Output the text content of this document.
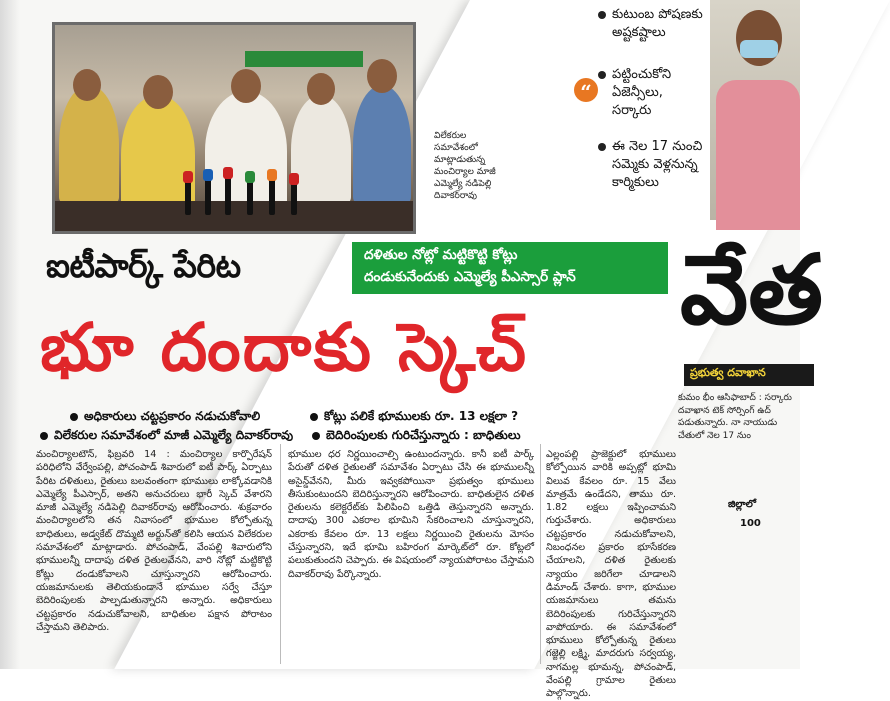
విలేకరుల
సమావేశంలో
మాట్లాడుతున్న
మంచిర్యాల మాజీ
ఎమ్మెల్యే నడిపెల్లి
దివాకర్‌రావు
“
కుటుంబ పోషణకు అష్టకష్టాలు
పట్టించుకోని ఏజెన్సీలు, సర్కారు
ఈ నెల 17 నుంచి సమ్మెకు వెళ్లనున్న కార్మికులు
వేత
ప్రభుత్వ దవాఖాన
కుమం భీం ఆసిఫాబాద్ : సర్కారు దవాఖాన టెక్ సోర్సింగ్ ఉద్ పడుతున్నారు. నా నాయుడు చేతులో నెల 17 నుం
జిల్లాలో
100
ఐటీపార్క్ పేరిట	దళితుల నోట్లో మట్టికొట్టి కోట్లు
దండుకునేందుకు ఎమ్మెల్యే పీఎస్సార్ ప్లాన్
భూ దందాకు స్కెచ్
అధికారులు చట్టప్రకారం నడుచుకోవాలి	కోట్లు పలికే భూములకు రూ. 13 లక్షలా ?
విలేకరుల సమావేశంలో మాజీ ఎమ్మెల్యే దివాకర్‌రావు	బెదిరింపులకు గురిచేస్తున్నారు : బాధితులు
మంచిర్యాలటౌన్, ఫిబ్రవరి 14 : మంచిర్యాల కార్పొరేషన్ పరిధిలోని వేర్వేంపల్లి, పోచంపాడ్ శివారులో ఐటీ పార్క్ ఏర్పాటు పేరిట దళితులు, రైతులు బలవంతంగా భూములు లాక్కోవడానికి ఎమ్మెల్యే పీఎస్సార్, అతని అనుచరులు భారీ స్కెచ్ వేశారని మాజీ ఎమ్మెల్యే నడిపెల్లి దివాకర్‌రావు ఆరోపించారు. శుక్రవారం మంచిర్యాలలోని తన నివాసంలో భూముల కోల్పోతున్న బాధితులు, అడ్వకేట్ దొమ్మటి అర్జున్‌తో కలిసి ఆయన విలేకరుల సమావేశంలో మాట్లాడారు. పోచంపాడ్, వేంపల్లి శివారులోని భూములన్నీ దాదాపు దళిత రైతులవేనని, వారి నోట్లో మట్టికొట్టి కోట్లు దండుకోవాలని చూస్తున్నారని ఆరోపించారు. యజమానులకు తెలియకుండానే భూముల సర్వే చేస్తూ బెదిరింపులకు పాల్పడుతున్నారని అన్నారు. అధికారులు చట్టప్రకారం నడుచుకోవాలని, బాధితుల పక్షాన పోరాటం చేస్తామని తెలిపారు.
భూముల ధర నిర్ణయించాల్సి ఉంటుందన్నారు. కానీ ఐటీ పార్క్ పేరుతో దళిత రైతులతో సమావేశం ఏర్పాటు చేసి ఈ భూములన్నీ అసైన్డ్‌వేనని, మీరు ఇవ్వకపోయినా ప్రభుత్వం భూములు తీసుకుంటుందని బెదిరిస్తున్నారని ఆరోపించారు. బాధితులైన దళిత రైతులను కలెక్టరేట్‌కు పిలిపించి ఒత్తిడి తెస్తున్నారని అన్నారు. దాదాపు 300 ఎకరాల భూమిని సేకరించాలని చూస్తున్నారని, ఎకరాకు కేవలం రూ. 13 లక్షలు నిర్ణయించి రైతులను మోసం చేస్తున్నారని, ఇదే భూమి బహిరంగ మార్కెట్‌లో రూ. కోట్లలో పలుకుతుందని చెప్పారు. ఈ విషయంలో న్యాయపోరాటం చేస్తామని దివాకర్‌రావు పేర్కొన్నారు.
ఎల్లంపల్లి ప్రాజెక్టులో భూములు కోల్పోయిన వారికి అప్పట్లో భూమి విలువ కేవలం రూ. 15 వేలు మాత్రమే ఉండేదని, తాము రూ. 1.82 లక్షలు ఇప్పించామని గుర్తుచేశారు. అధికారులు చట్టప్రకారం నడుచుకోవాలని, నిబంధనల ప్రకారం భూసేకరణ చేయాలని, దళిత రైతులకు న్యాయం జరిగేలా చూడాలని డిమాండ్ చేశారు. కాగా, భూముల యజమానులు తమను బెదిరింపులకు గురిచేస్తున్నారని వాపోయారు. ఈ సమావేశంలో భూములు కోల్పోతున్న రైతులు గజ్జెల్లి లక్ష్మి, మాదరుగు సర్వయ్య, నాగమల్ల భూమన్న, పోచంపాడ్, వేంపల్లి గ్రామాల రైతులు పాల్గొన్నారు.
